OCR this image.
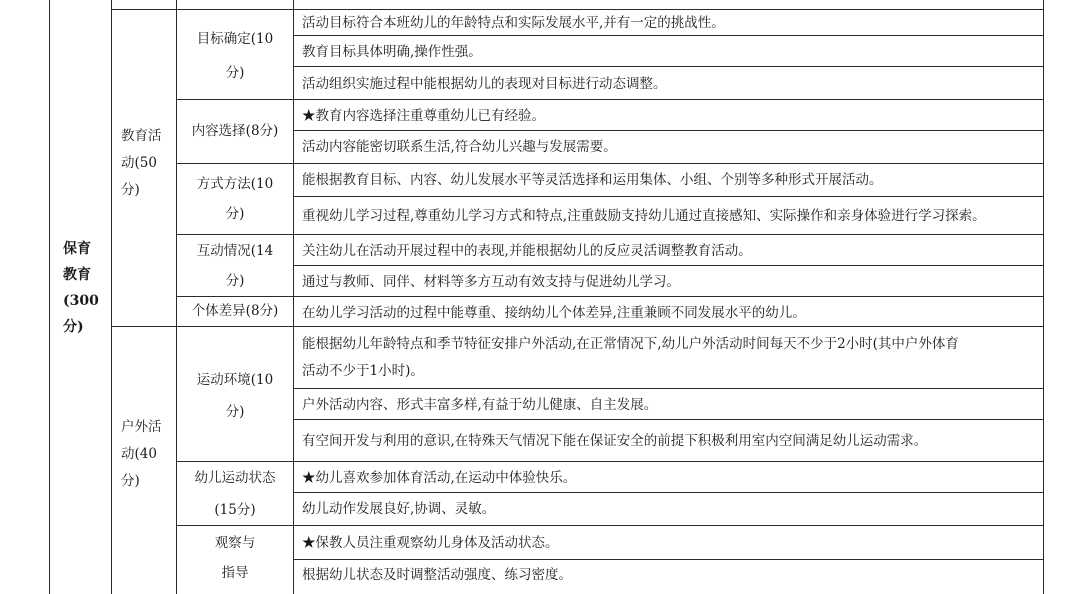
保育
教育
(300
分)
教育活
动(50
分)
户外活
动(40
分)
目标确定(10
分)
内容选择(8分)
方式方法(10
分)
互动情况(14
分)
个体差异(8分)
运动环境(10
分)
幼儿运动状态
(15分)
观察与
指导
活动目标符合本班幼儿的年龄特点和实际发展水平,并有一定的挑战性。
教育目标具体明确,操作性强。
活动组织实施过程中能根据幼儿的表现对目标进行动态调整。
★教育内容选择注重尊重幼儿已有经验。
活动内容能密切联系生活,符合幼儿兴趣与发展需要。
能根据教育目标、内容、幼儿发展水平等灵活选择和运用集体、小组、个别等多种形式开展活动。
重视幼儿学习过程,尊重幼儿学习方式和特点,注重鼓励支持幼儿通过直接感知、实际操作和亲身体验进行学习探索。
关注幼儿在活动开展过程中的表现,并能根据幼儿的反应灵活调整教育活动。
通过与教师、同伴、材料等多方互动有效支持与促进幼儿学习。
在幼儿学习活动的过程中能尊重、接纳幼儿个体差异,注重兼顾不同发展水平的幼儿。
能根据幼儿年龄特点和季节特征安排户外活动,在正常情况下,幼儿户外活动时间每天不少于2小时(其中户外体育
活动不少于1小时)。
户外活动内容、形式丰富多样,有益于幼儿健康、自主发展。
有空间开发与利用的意识,在特殊天气情况下能在保证安全的前提下积极利用室内空间满足幼儿运动需求。
★幼儿喜欢参加体育活动,在运动中体验快乐。
幼儿动作发展良好,协调、灵敏。
★保教人员注重观察幼儿身体及活动状态。
根据幼儿状态及时调整活动强度、练习密度。
